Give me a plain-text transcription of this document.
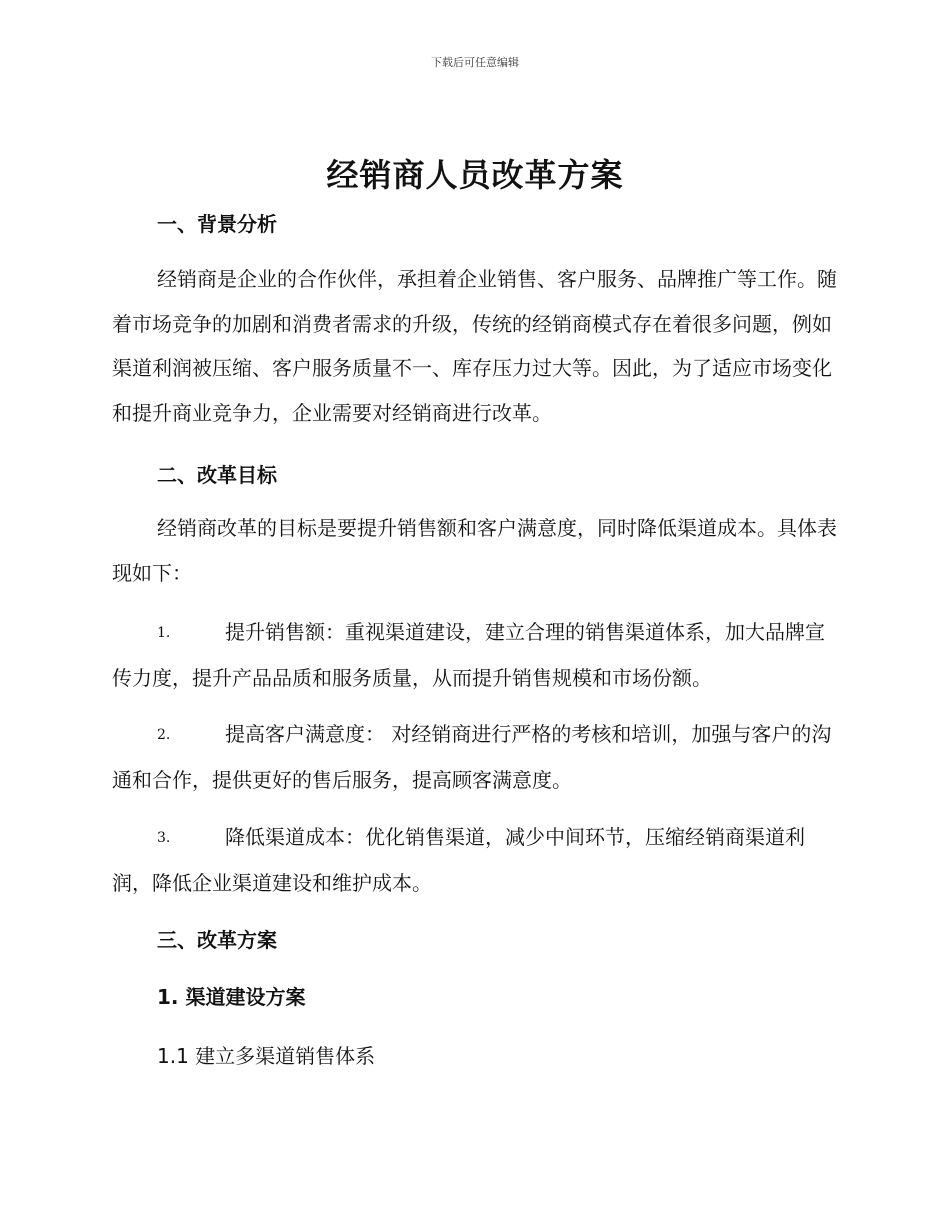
下载后可任意编辑
经销商人员改革方案
一、背景分析

经销商是企业的合作伙伴，承担着企业销售、客户服务、品牌推广等工作。随着市场竞争的加剧和消费者需求的升级，传统的经销商模式存在着很多问题，例如渠道利润被压缩、客户服务质量不一、库存压力过大等。因此，为了适应市场变化和提升商业竞争力，企业需要对经销商进行改革。

二、改革目标

经销商改革的目标是要提升销售额和客户满意度，同时降低渠道成本。具体表现如下：

1.	提升销售额：重视渠道建设，建立合理的销售渠道体系，加大品牌宣传力度，提升产品品质和服务质量，从而提升销售规模和市场份额。

2.	提高客户满意度： 对经销商进行严格的考核和培训，加强与客户的沟通和合作，提供更好的售后服务，提高顾客满意度。

3.	降低渠道成本：优化销售渠道，减少中间环节，压缩经销商渠道利润，降低企业渠道建设和维护成本。

三、改革方案
1. 渠道建设方案
1.1 建立多渠道销售体系
